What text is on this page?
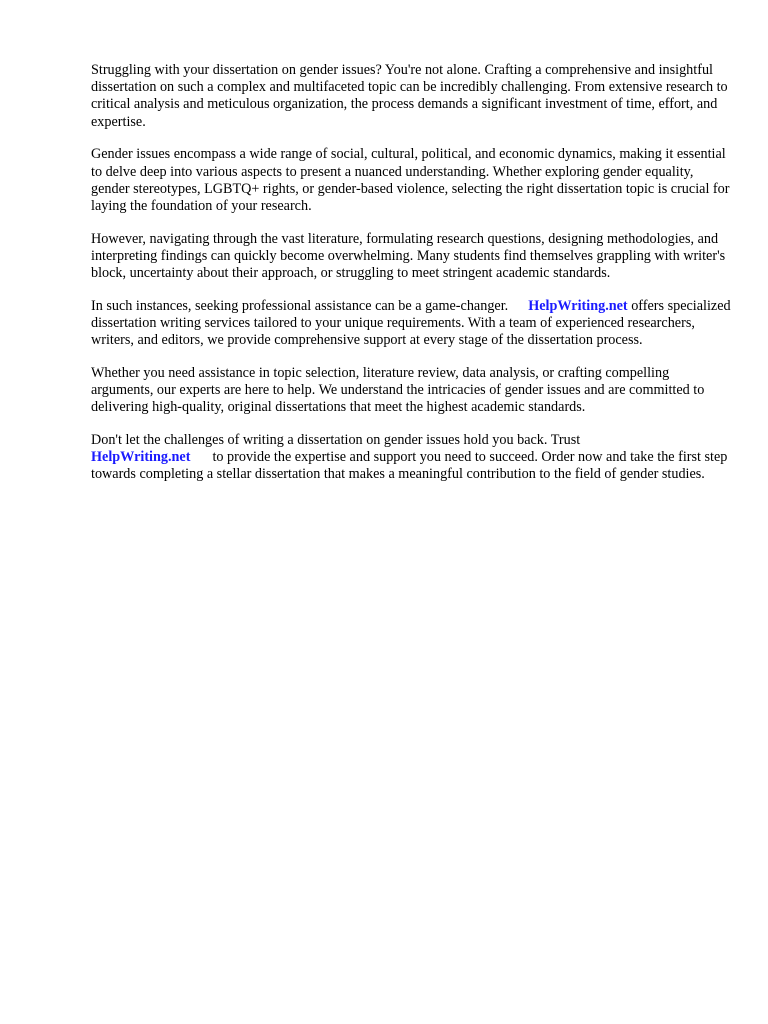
Struggling with your dissertation on gender issues? You're not alone. Crafting a comprehensive and insightful dissertation on such a complex and multifaceted topic can be incredibly challenging. From extensive research to critical analysis and meticulous organization, the process demands a significant investment of time, effort, and expertise.

Gender issues encompass a wide range of social, cultural, political, and economic dynamics, making it essential to delve deep into various aspects to present a nuanced understanding. Whether exploring gender equality, gender stereotypes, LGBTQ+ rights, or gender-based violence, selecting the right dissertation topic is crucial for laying the foundation of your research.

However, navigating through the vast literature, formulating research questions, designing methodologies, and interpreting findings can quickly become overwhelming. Many students find themselves grappling with writer's block, uncertainty about their approach, or struggling to meet stringent academic standards.

In such instances, seeking professional assistance can be a game-changer. HelpWriting.net offers specialized dissertation writing services tailored to your unique requirements. With a team of experienced researchers, writers, and editors, we provide comprehensive support at every stage of the dissertation process.

Whether you need assistance in topic selection, literature review, data analysis, or crafting compelling arguments, our experts are here to help. We understand the intricacies of gender issues and are committed to delivering high-quality, original dissertations that meet the highest academic standards.

Don't let the challenges of writing a dissertation on gender issues hold you back. Trust
HelpWriting.net to provide the expertise and support you need to succeed. Order now and take the first step towards completing a stellar dissertation that makes a meaningful contribution to the field of gender studies.
